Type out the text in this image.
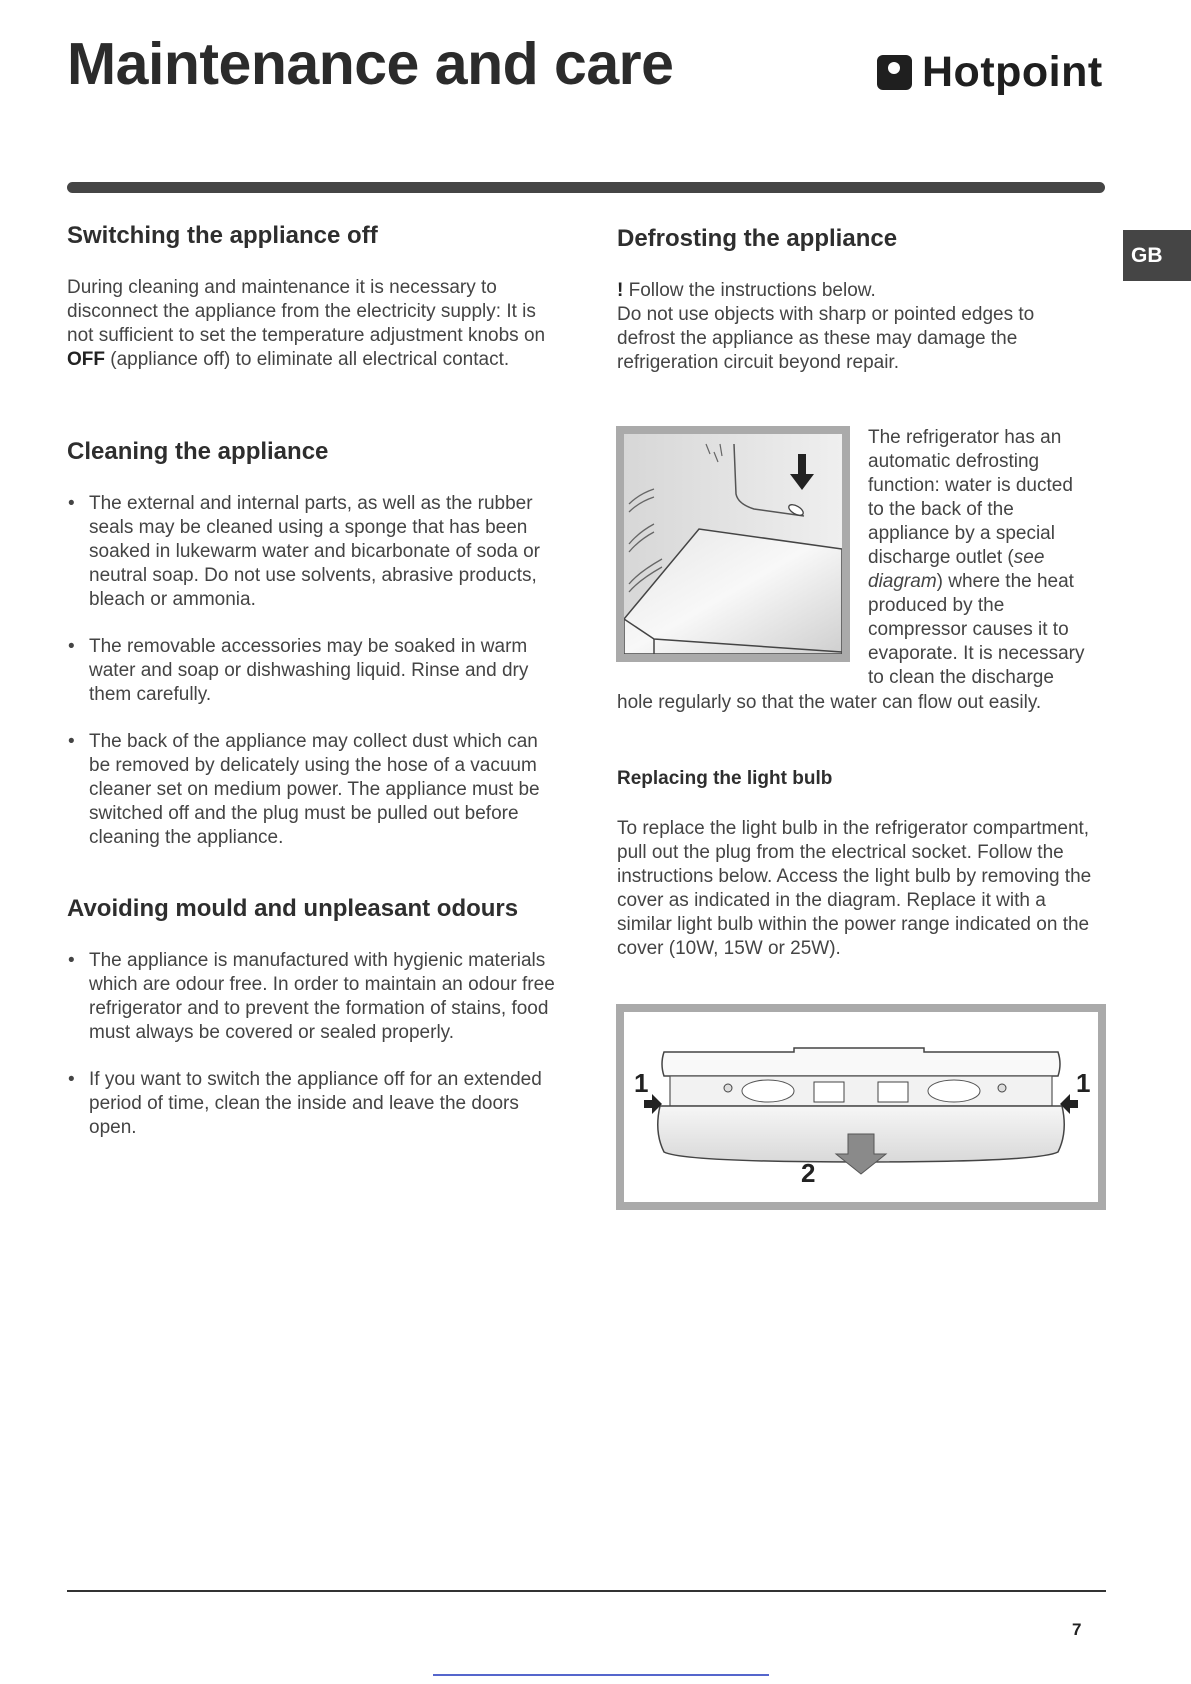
Maintenance and care	Hotpoint
GB
Switching the appliance off

During cleaning and maintenance it is necessary to disconnect the appliance from the electricity supply: It is not sufficient to set the temperature adjustment knobs on OFF (appliance off) to eliminate all electrical contact.

Cleaning the appliance
• The external and internal parts, as well as the rubber seals may be cleaned using a sponge that has been soaked in lukewarm water and bicarbonate of soda or neutral soap. Do not use solvents, abrasive products, bleach or ammonia.
• The removable accessories may be soaked in warm water and soap or dishwashing liquid. Rinse and dry them carefully.
• The back of the appliance may collect dust which can be removed by delicately using the hose of a vacuum cleaner set on medium power. The appliance must be switched off and the plug must be pulled out before cleaning the appliance.
Avoiding mould and unpleasant odours
• The appliance is manufactured with hygienic materials which are odour free. In order to maintain an odour free refrigerator and to prevent the formation of stains, food must always be covered or sealed properly.
• If you want to switch the appliance off for an extended period of time, clean the inside and leave the doors open.
Defrosting the appliance

! Follow the instructions below.

Do not use objects with sharp or pointed edges to defrost the appliance as these may damage the refrigeration circuit beyond repair.

The refrigerator has an

automatic defrosting

function: water is ducted

to the back of the

appliance by a special

discharge outlet (see

diagram) where the heat

produced by the

compressor causes it to

evaporate. It is necessary

to clean the discharge

hole regularly so that the water can flow out easily.

Replacing the light bulb

To replace the light bulb in the refrigerator compartment, pull out the plug from the electrical socket. Follow the instructions below. Access the light bulb by removing the cover as indicated in the diagram. Replace it with a similar light bulb within the power range indicated on the cover (10W, 15W or 25W).

1	1
2
7
